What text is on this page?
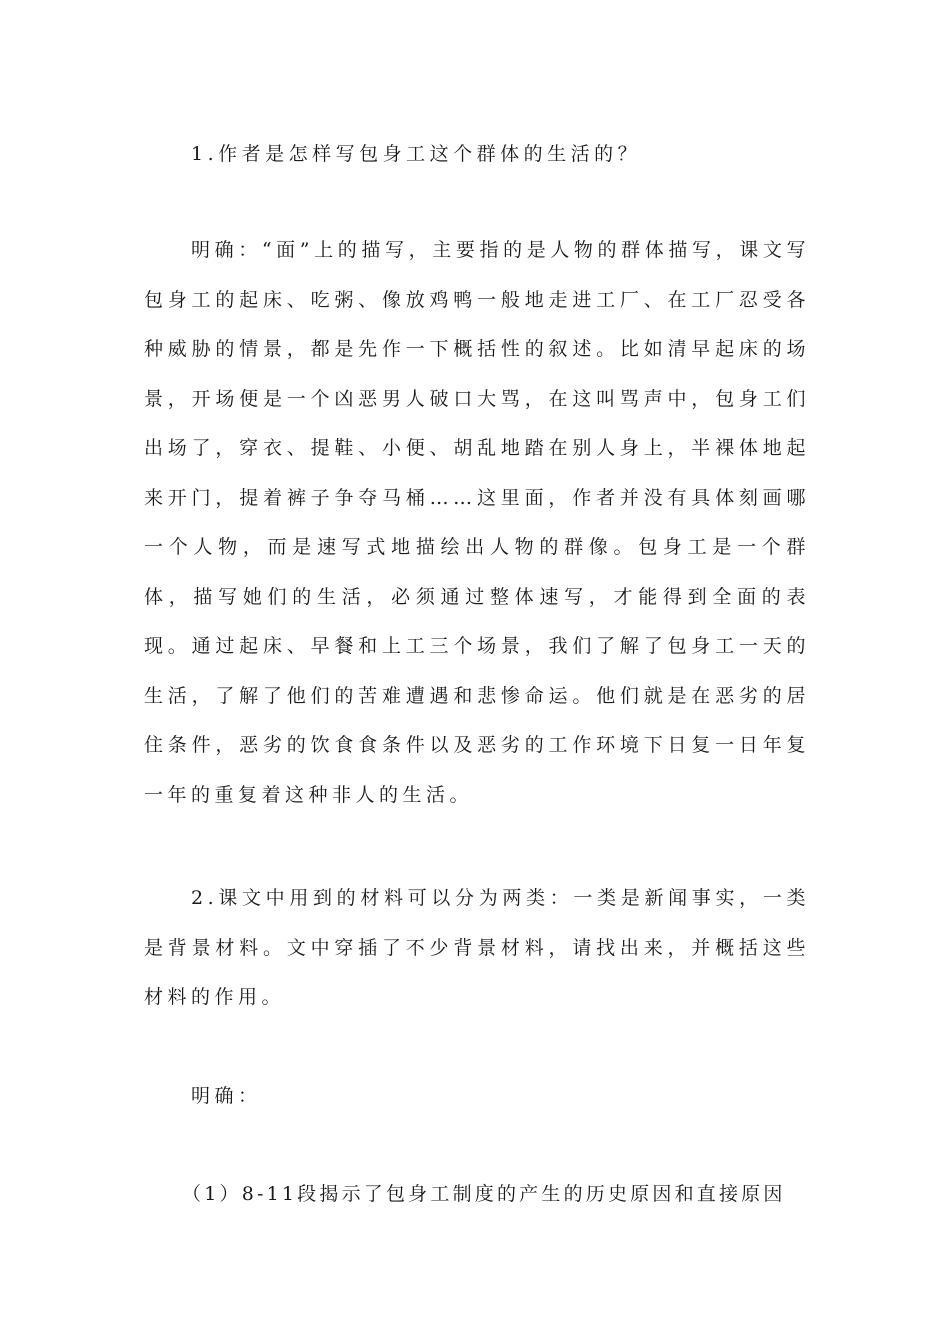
1.作者是怎样写包身工这个群体的生活的？

明确：“面”上的描写，主要指的是人物的群体描写，课文写包身工的起床、吃粥、像放鸡鸭一般地走进工厂、在工厂忍受各种威胁的情景，都是先作一下概括性的叙述。比如清早起床的场景，开场便是一个凶恶男人破口大骂，在这叫骂声中，包身工们出场了，穿衣、提鞋、小便、胡乱地踏在别人身上，半裸体地起来开门，提着裤子争夺马桶……这里面，作者并没有具体刻画哪一个人物，而是速写式地描绘出人物的群像。包身工是一个群体，描写她们的生活，必须通过整体速写，才能得到全面的表现。通过起床、早餐和上工三个场景，我们了解了包身工一天的生活，了解了他们的苦难遭遇和悲惨命运。他们就是在恶劣的居住条件，恶劣的饮食食条件以及恶劣的工作环境下日复一日年复一年的重复着这种非人的生活。

2.课文中用到的材料可以分为两类：一类是新闻事实，一类是背景材料。文中穿插了不少背景材料，请找出来，并概括这些材料的作用。

明确：

（1）8-11段揭示了包身工制度的产生的历史原因和直接原因
